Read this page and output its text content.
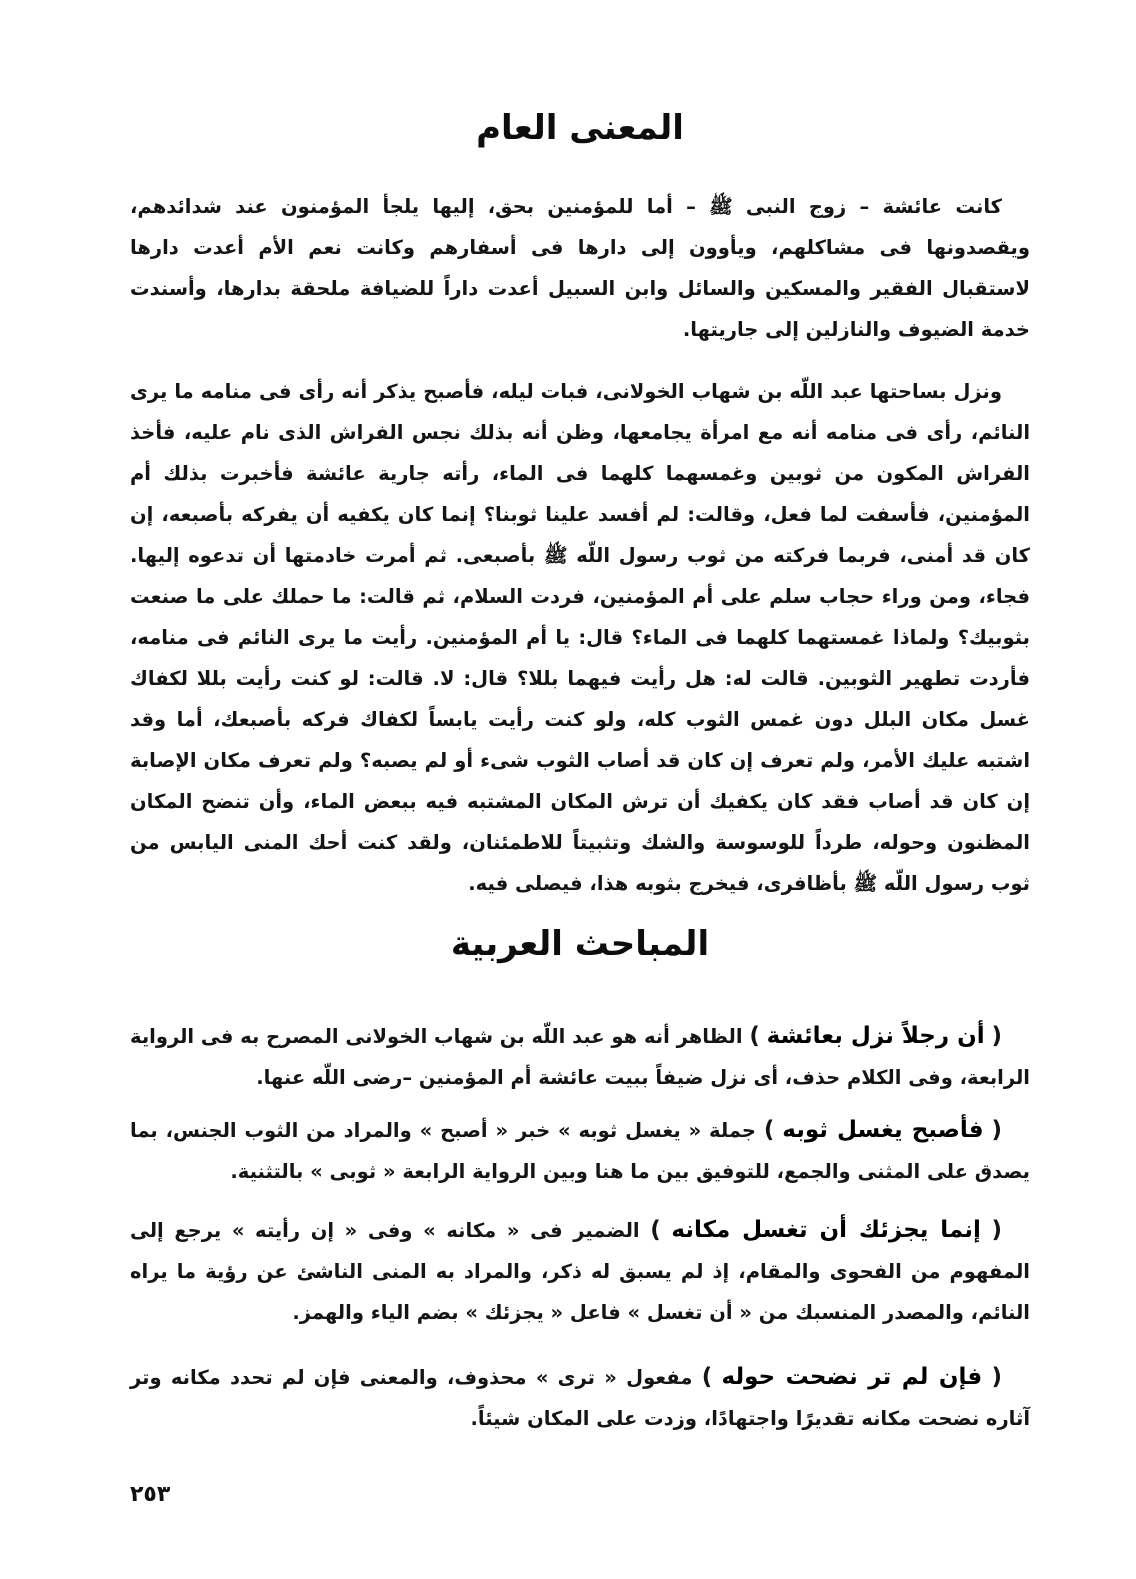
المعنى العام

كانت عائشة – زوج النبى ﷺ – أما للمؤمنين بحق، إليها يلجأ المؤمنون عند شدائدهم، ويقصدونها فى مشاكلهم، ويأوون إلى دارها فى أسفارهم وكانت نعم الأم أعدت دارها لاستقبال الفقير والمسكين والسائل وابن السبيل أعدت داراً للضيافة ملحقة بدارها، وأسندت خدمة الضيوف والنازلين إلى جاريتها.

ونزل بساحتها عبد اللّه بن شهاب الخولانى، فبات ليله، فأصبح يذكر أنه رأى فى منامه ما يرى النائم، رأى فى منامه أنه مع امرأة يجامعها، وظن أنه بذلك نجس الفراش الذى نام عليه، فأخذ الفراش المكون من ثوبين وغمسهما كلهما فى الماء، رأته جارية عائشة فأخبرت بذلك أم المؤمنين، فأسفت لما فعل، وقالت: لم أفسد علينا ثوبنا؟ إنما كان يكفيه أن يفركه بأصبعه، إن كان قد أمنى، فربما فركته من ثوب رسول اللّه ﷺ بأصبعى. ثم أمرت خادمتها أن تدعوه إليها. فجاء، ومن وراء حجاب سلم على أم المؤمنين، فردت السلام، ثم قالت: ما حملك على ما صنعت بثوبيك؟ ولماذا غمستهما كلهما فى الماء؟ قال: يا أم المؤمنين. رأيت ما يرى النائم فى منامه، فأردت تطهير الثوبين. قالت له: هل رأيت فيهما بللا؟ قال: لا. قالت: لو كنت رأيت بللا لكفاك غسل مكان البلل دون غمس الثوب كله، ولو كنت رأيت يابساً لكفاك فركه بأصبعك، أما وقد اشتبه عليك الأمر، ولم تعرف إن كان قد أصاب الثوب شىء أو لم يصبه؟ ولم تعرف مكان الإصابة إن كان قد أصاب فقد كان يكفيك أن ترش المكان المشتبه فيه ببعض الماء، وأن تنضح المكان المظنون وحوله، طرداً للوسوسة والشك وتثبيتاً للاطمئنان، ولقد كنت أحك المنى اليابس من ثوب رسول اللّه ﷺ بأظافرى، فيخرج بثوبه هذا، فيصلى فيه.

المباحث العربية

( أن رجلاً نزل بعائشة ) الظاهر أنه هو عبد اللّه بن شهاب الخولانى المصرح به فى الرواية الرابعة، وفى الكلام حذف، أى نزل ضيفاً ببيت عائشة أم المؤمنين –رضى اللّه عنها.

( فأصبح يغسل ثوبه ) جملة « يغسل ثوبه » خبر « أصبح » والمراد من الثوب الجنس، بما يصدق على المثنى والجمع، للتوفيق بين ما هنا وبين الرواية الرابعة « ثوبى » بالتثنية.

( إنما يجزئك أن تغسل مكانه ) الضمير فى « مكانه » وفى « إن رأيته » يرجع إلى المفهوم من الفحوى والمقام، إذ لم يسبق له ذكر، والمراد به المنى الناشئ عن رؤية ما يراه النائم، والمصدر المنسبك من « أن تغسل » فاعل « يجزئك » بضم الياء والهمز.

( فإن لم تر نضحت حوله ) مفعول « ترى » محذوف، والمعنى فإن لم تحدد مكانه وتر آثاره نضحت مكانه تقديرًا واجتهادًا، وزدت على المكان شيئاً.

٢٥٣
